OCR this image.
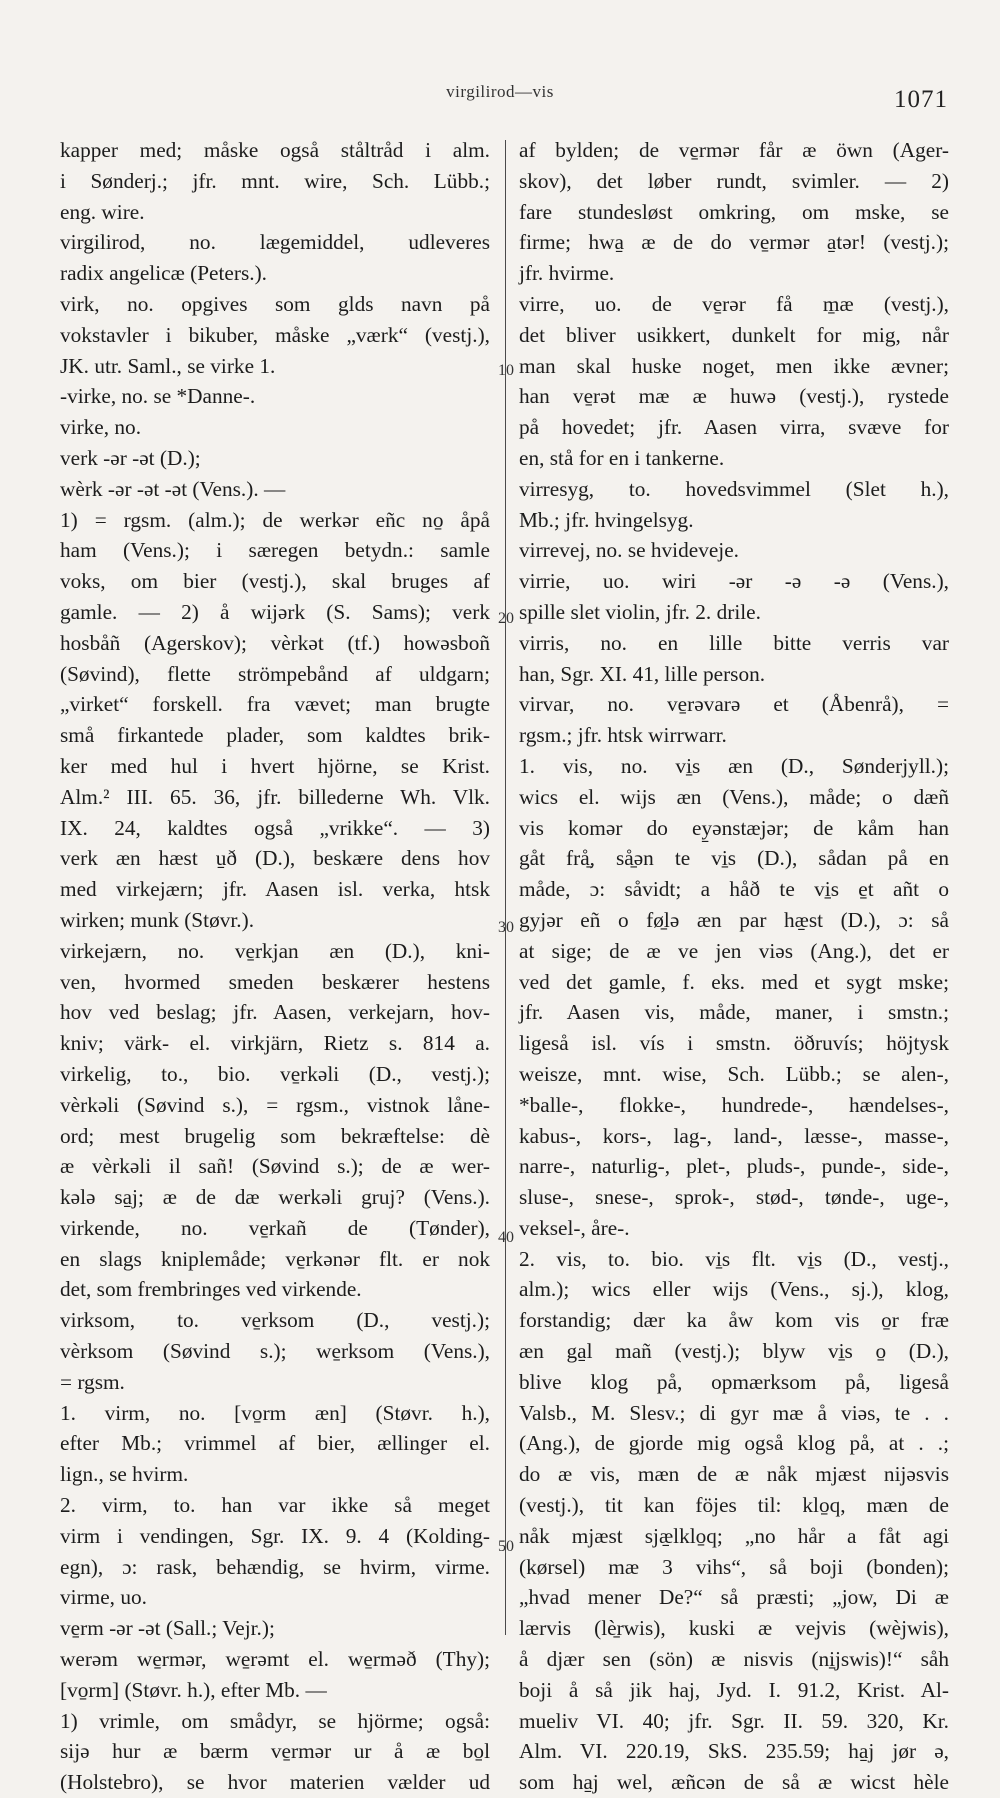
virgilirod—vis	1071
kapper med; måske også ståltråd i alm.
i Sønderj.; jfr. mnt. wire, Sch. Lübb.;
eng. wire.
virgilirod, no. lægemiddel, udleveres
radix angelicæ (Peters.).
virk, no. opgives som glds navn på
vokstavler i bikuber, måske „værk“ (vestj.),
JK. utr. Saml., se virke 1.
-virke, no. se *Danne-.
virke, no.
verk -ər -ət (D.);
wèrk -ər -ət -ət (Vens.). —
1) = rgsm. (alm.); de werkər eñc no̱ åpå
ham (Vens.); i særegen betydn.: samle
voks, om bier (vestj.), skal bruges af
gamle. — 2) å wijərk (S. Sams); verk
hosbåñ (Agerskov); vèrkət (tf.) howəsboñ
(Søvind), flette strömpebånd af uldgarn;
„virket“ forskell. fra vævet; man brugte
små firkantede plader, som kaldtes brik-
ker med hul i hvert hjörne, se Krist.
Alm.² III. 65. 36, jfr. billederne Wh. Vlk.
IX. 24, kaldtes også „vrikke“. — 3)
verk æn hæst u̱ð (D.), beskære dens hov
med virkejærn; jfr. Aasen isl. verka, htsk
wirken; munk (Støvr.).
virkejærn, no. ve̱rkjan æn (D.), kni-
ven, hvormed smeden beskærer hestens
hov ved beslag; jfr. Aasen, verkejarn, hov-
kniv; värk- el. virkjärn, Rietz s. 814 a.
virkelig, to., bio. ve̱rkəli (D., vestj.);
vèrkəli (Søvind s.), = rgsm., vistnok låne-
ord; mest brugelig som bekræftelse: dè
æ vèrkəli il sañ! (Søvind s.); de æ wer-
kələ sa̱j; æ de dæ werkəli gruj? (Vens.).
virkende, no. ve̱rkañ de (Tønder),
en slags kniplemåde; ve̱rkənər flt. er nok
det, som frembringes ved virkende.
virksom, to. ve̱rksom (D., vestj.);
vèrksom (Søvind s.); we̱rksom (Vens.),
= rgsm.
1. virm, no. [vo̱rm æn] (Støvr. h.),
efter Mb.; vrimmel af bier, ællinger el.
lign., se hvirm.
2. virm, to. han var ikke så meget
virm i vendingen, Sgr. IX. 9. 4 (Kolding-
egn), ɔ: rask, behændig, se hvirm, virme.
virme, uo.
ve̱rm -ər -ət (Sall.; Vejr.);
werəm we̱rmər, we̱rəmt el. we̱rməð (Thy);
[vo̱rm] (Støvr. h.), efter Mb. —
1) vrimle, om smådyr, se hjörme; også:
sijə hur æ bærm ve̱rmər ur å æ bo̱l
(Holstebro), se hvor materien vælder ud
af bylden; de ve̱rmər får æ öwn (Ager-
skov), det løber rundt, svimler. — 2)
fare stundesløst omkring, om mske, se
firme; hwa̱ æ de do ve̱rmər a̱tər! (vestj.);
jfr. hvirme.
virre, uo. de ve̱rər få m̱æ (vestj.),
det bliver usikkert, dunkelt for mig, når
man skal huske noget, men ikke ævner;
han ve̱rət mæ æ huwə (vestj.), rystede
på hovedet; jfr. Aasen virra, svæve for
en, stå for en i tankerne.
virresyg, to. hovedsvimmel (Slet h.),
Mb.; jfr. hvingelsyg.
virrevej, no. se hvideveje.
virrie, uo. wiri -ər -ə -ə (Vens.),
spille slet violin, jfr. 2. drile.
virris, no. en lille bitte verris var
han, Sgr. XI. 41, lille person.
virvar, no. ve̱rəvarə et (Åbenrå), =
rgsm.; jfr. htsk wirrwarr.
1. vis, no. vi̱s æn (D., Sønderjyll.);
wics el. wijs æn (Vens.), måde; o dæñ
vis komər do ey̱ənstæjər; de kåm han
gåt frå̱, så̱ən te vi̱s (D.), sådan på en
måde, ɔ: såvidt; a håð te vi̱s e̱t añt o
gyjər eñ o fø̱lə æn par hæ̱st (D.), ɔ: så
at sige; de æ ve jen viəs (Ang.), det er
ved det gamle, f. eks. med et sygt mske;
jfr. Aasen vis, måde, maner, i smstn.;
ligeså isl. vís i smstn. öðruvís; höjtysk
weisze, mnt. wise, Sch. Lübb.; se alen-,
*balle-, flokke-, hundrede-, hændelses-,
kabus-, kors-, lag-, land-, læsse-, masse-,
narre-, naturlig-, plet-, pluds-, punde-, side-,
sluse-, snese-, sprok-, stød-, tønde-, uge-,
veksel-, åre-.
2. vis, to. bio. vi̱s flt. vi̱s (D., vestj.,
alm.); wics eller wijs (Vens., sj.), klog,
forstandig; dær ka åw kom vis o̱r fræ
æn ga̱l mañ (vestj.); blyw vi̱s o̱ (D.),
blive klog på, opmærksom på, ligeså
Valsb., M. Slesv.; di gyr mæ å viəs, te . .
(Ang.), de gjorde mig også klog på, at . .;
do æ vis, mæn de æ nåk mjæst nijəsvis
(vestj.), tit kan föjes til: klo̱q, mæn de
nåk mjæst sjæ̱lklo̱q; „no hår a fåt agi
(kørsel) mæ 3 vihs“, så boji (bonden);
„hvad mener De?“ så præsti; „jow, Di æ
lærvis (lè̱rwis), kuski æ vejvis (wèjwis),
å djær sen (sön) æ nisvis (ni̱jswis)!“ såh
boji å så jik haj, Jyd. I. 91.2, Krist. Al-
mueliv VI. 40; jfr. Sgr. II. 59. 320, Kr.
Alm. VI. 220.19, SkS. 235.59; ha̱j jør ə,
som ha̱j wel, æñcən de så æ wicst hèle
10
20
30
40
50
